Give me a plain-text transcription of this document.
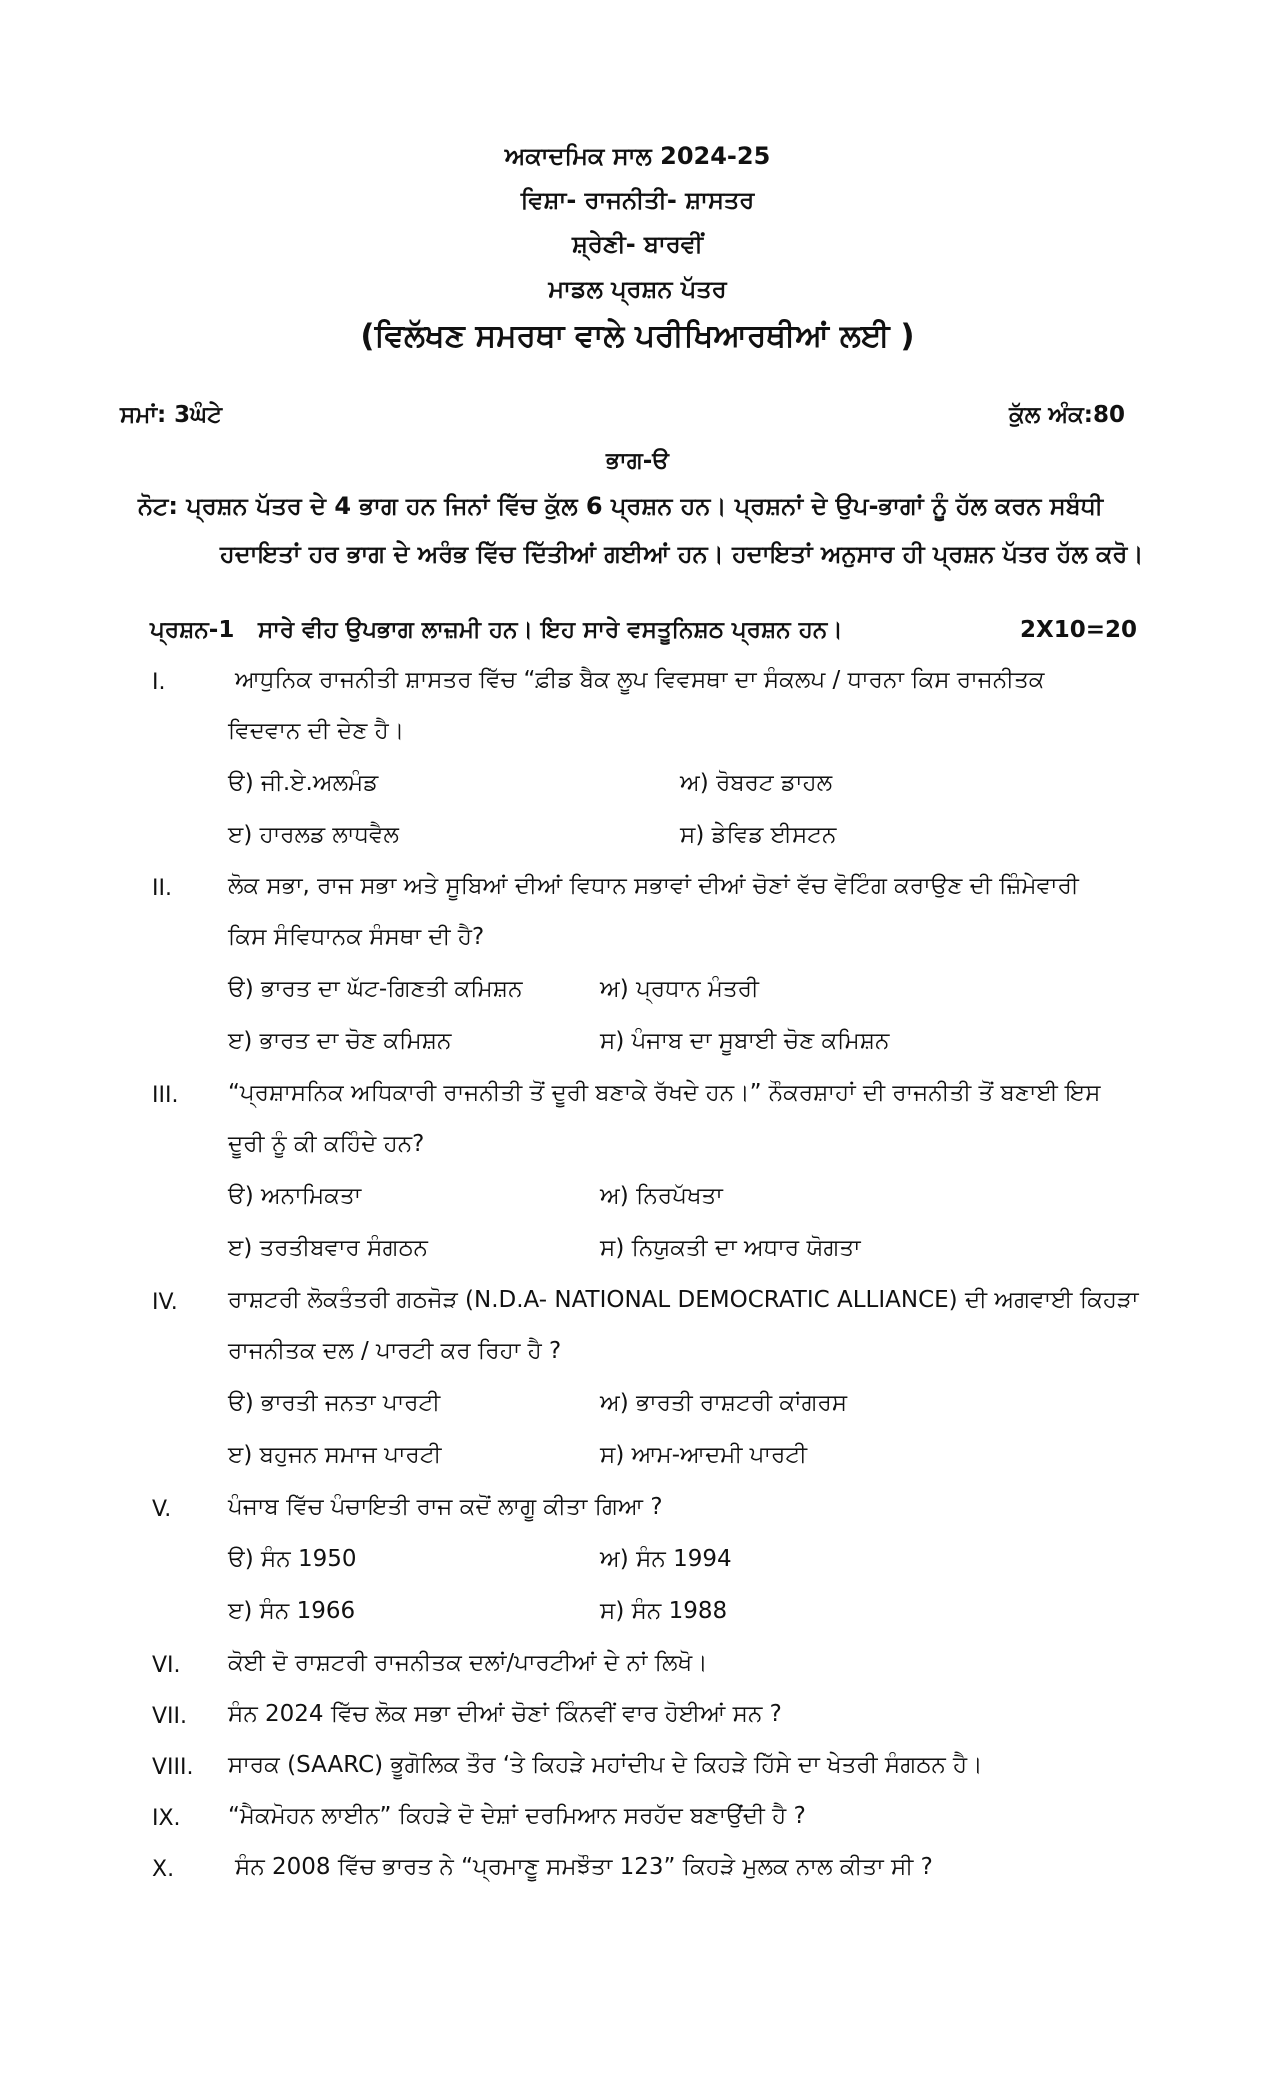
ਅਕਾਦਮਿਕ ਸਾਲ 2024-25
ਵਿਸ਼ਾ- ਰਾਜਨੀਤੀ- ਸ਼ਾਸਤਰ
ਸ਼੍ਰੇਣੀ- ਬਾਰਵੀਂ
ਮਾਡਲ ਪ੍ਰਸ਼ਨ ਪੱਤਰ
(ਵਿਲੱਖਣ ਸਮਰਥਾ ਵਾਲੇ ਪਰੀਖਿਆਰਥੀਆਂ ਲਈ )
ਸਮਾਂ: 3ਘੰਟੇ	ਕੁੱਲ ਅੰਕ:80
ਭਾਗ-ੳ
ਨੋਟ: ਪ੍ਰਸ਼ਨ ਪੱਤਰ ਦੇ 4 ਭਾਗ ਹਨ ਜਿਨਾਂ ਵਿੱਚ ਕੁੱਲ 6 ਪ੍ਰਸ਼ਨ ਹਨ। ਪ੍ਰਸ਼ਨਾਂ ਦੇ ਉਪ-ਭਾਗਾਂ ਨੂੰ ਹੱਲ ਕਰਨ ਸਬੰਧੀ
ਹਦਾਇਤਾਂ ਹਰ ਭਾਗ ਦੇ ਅਰੰਭ ਵਿੱਚ ਦਿੱਤੀਆਂ ਗਈਆਂ ਹਨ। ਹਦਾਇਤਾਂ ਅਨੁਸਾਰ ਹੀ ਪ੍ਰਸ਼ਨ ਪੱਤਰ ਹੱਲ ਕਰੋ।
ਪ੍ਰਸ਼ਨ-1 ਸਾਰੇ ਵੀਹ ਉਪਭਾਗ ਲਾਜ਼ਮੀ ਹਨ। ਇਹ ਸਾਰੇ ਵਸਤੂਨਿਸ਼ਠ ਪ੍ਰਸ਼ਨ ਹਨ।	2X10=20
I.	ਆਧੁਨਿਕ ਰਾਜਨੀਤੀ ਸ਼ਾਸਤਰ ਵਿੱਚ “ਫ਼ੀਡ ਬੈਕ ਲੂਪ ਵਿਵਸਥਾ ਦਾ ਸੰਕਲਪ / ਧਾਰਨਾ ਕਿਸ ਰਾਜਨੀਤਕ
ਵਿਦਵਾਨ ਦੀ ਦੇਣ ਹੈ।
ੳ) ਜੀ.ਏ.ਅਲਮੰਡ	ਅ) ਰੋਬਰਟ ਡਾਹਲ
ੲ) ਹਾਰਲਡ ਲਾਧਵੈਲ	ਸ) ਡੇਵਿਡ ਈਸਟਨ
II. ਲੋਕ ਸਭਾ, ਰਾਜ ਸਭਾ ਅਤੇ ਸੂਬਿਆਂ ਦੀਆਂ ਵਿਧਾਨ ਸਭਾਵਾਂ ਦੀਆਂ ਚੋਣਾਂ ਵੱਚ ਵੋਟਿੰਗ ਕਰਾਉਣ ਦੀ ਜ਼ਿੰਮੇਵਾਰੀ
ਕਿਸ ਸੰਵਿਧਾਨਕ ਸੰਸਥਾ ਦੀ ਹੈ?
ੳ) ਭਾਰਤ ਦਾ ਘੱਟ-ਗਿਣਤੀ ਕਮਿਸ਼ਨ	ਅ) ਪ੍ਰਧਾਨ ਮੰਤਰੀ
ੲ) ਭਾਰਤ ਦਾ ਚੋਣ ਕਮਿਸ਼ਨ	ਸ) ਪੰਜਾਬ ਦਾ ਸੂਬਾਈ ਚੋਣ ਕਮਿਸ਼ਨ
III. “ਪ੍ਰਸ਼ਾਸਨਿਕ ਅਧਿਕਾਰੀ ਰਾਜਨੀਤੀ ਤੋਂ ਦੂਰੀ ਬਣਾਕੇ ਰੱਖਦੇ ਹਨ।” ਨੌਕਰਸ਼ਾਹਾਂ ਦੀ ਰਾਜਨੀਤੀ ਤੋਂ ਬਣਾਈ ਇਸ
ਦੂਰੀ ਨੂੰ ਕੀ ਕਹਿੰਦੇ ਹਨ?
ੳ) ਅਨਾਮਿਕਤਾ	ਅ) ਨਿਰਪੱਖਤਾ
ੲ) ਤਰਤੀਬਵਾਰ ਸੰਗਠਨ	ਸ) ਨਿਯੁਕਤੀ ਦਾ ਅਧਾਰ ਯੋਗਤਾ
IV. ਰਾਸ਼ਟਰੀ ਲੋਕਤੰਤਰੀ ਗਠਜੋੜ (N.D.A- NATIONAL DEMOCRATIC ALLIANCE) ਦੀ ਅਗਵਾਈ ਕਿਹੜਾ
ਰਾਜਨੀਤਕ ਦਲ / ਪਾਰਟੀ ਕਰ ਰਿਹਾ ਹੈ ?
ੳ) ਭਾਰਤੀ ਜਨਤਾ ਪਾਰਟੀ	ਅ) ਭਾਰਤੀ ਰਾਸ਼ਟਰੀ ਕਾਂਗਰਸ
ੲ) ਬਹੁਜਨ ਸਮਾਜ ਪਾਰਟੀ	ਸ) ਆਮ-ਆਦਮੀ ਪਾਰਟੀ
V. ਪੰਜਾਬ ਵਿੱਚ ਪੰਚਾਇਤੀ ਰਾਜ ਕਦੋਂ ਲਾਗੂ ਕੀਤਾ ਗਿਆ ?
ੳ) ਸੰਨ 1950	ਅ) ਸੰਨ 1994
ੲ) ਸੰਨ 1966	ਸ) ਸੰਨ 1988
VI. ਕੋਈ ਦੋ ਰਾਸ਼ਟਰੀ ਰਾਜਨੀਤਕ ਦਲਾਂ/ਪਾਰਟੀਆਂ ਦੇ ਨਾਂ ਲਿਖੋ।
VII. ਸੰਨ 2024 ਵਿੱਚ ਲੋਕ ਸਭਾ ਦੀਆਂ ਚੋਣਾਂ ਕਿੰਨਵੀਂ ਵਾਰ ਹੋਈਆਂ ਸਨ ?
VIII. ਸਾਰਕ (SAARC) ਭੂਗੋਲਿਕ ਤੌਰ ‘ਤੇ ਕਿਹੜੇ ਮਹਾਂਦੀਪ ਦੇ ਕਿਹੜੇ ਹਿੱਸੇ ਦਾ ਖੇਤਰੀ ਸੰਗਠਨ ਹੈ।
IX. “ਮੈਕਮੋਹਨ ਲਾਈਨ” ਕਿਹੜੇ ਦੋ ਦੇਸ਼ਾਂ ਦਰਮਿਆਨ ਸਰਹੱਦ ਬਣਾਉਂਦੀ ਹੈ ?
X.	ਸੰਨ 2008 ਵਿੱਚ ਭਾਰਤ ਨੇ “ਪ੍ਰਮਾਣੂ ਸਮਝੌਤਾ 123” ਕਿਹੜੇ ਮੁਲਕ ਨਾਲ ਕੀਤਾ ਸੀ ?
